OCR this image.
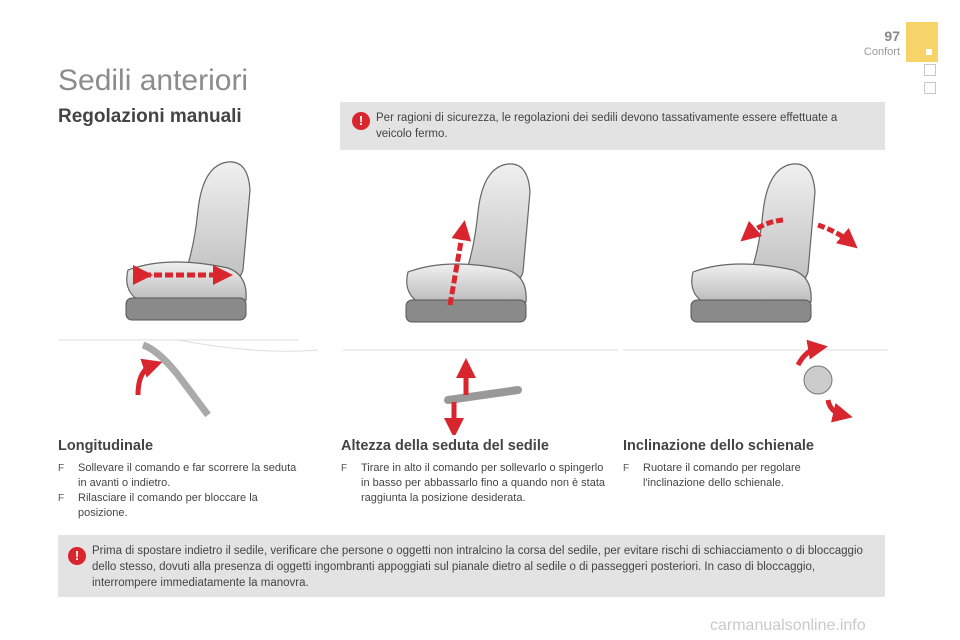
97
Confort
Sedili anteriori
Regolazioni manuali	!	Per ragioni di sicurezza, le regolazioni dei sedili devono tassativamente essere effettuate a veicolo fermo.
Longitudinale
F Sollevare il comando e far scorrere la seduta in avanti o indietro.
F Rilasciare il comando per bloccare la posizione.
Altezza della seduta del sedile
F Tirare in alto il comando per sollevarlo o spingerlo in basso per abbassarlo fino a quando non è stata raggiunta la posizione desiderata.
Inclinazione dello schienale
F Ruotare il comando per regolare l'inclinazione dello schienale.
!	Prima di spostare indietro il sedile, verificare che persone o oggetti non intralcino la corsa del sedile, per evitare rischi di schiacciamento o di bloccaggio dello stesso, dovuti alla presenza di oggetti ingombranti appoggiati sul pianale dietro al sedile o di passeggeri posteriori. In caso di bloccaggio, interrompere immediatamente la manovra.
carmanualsonline.info
